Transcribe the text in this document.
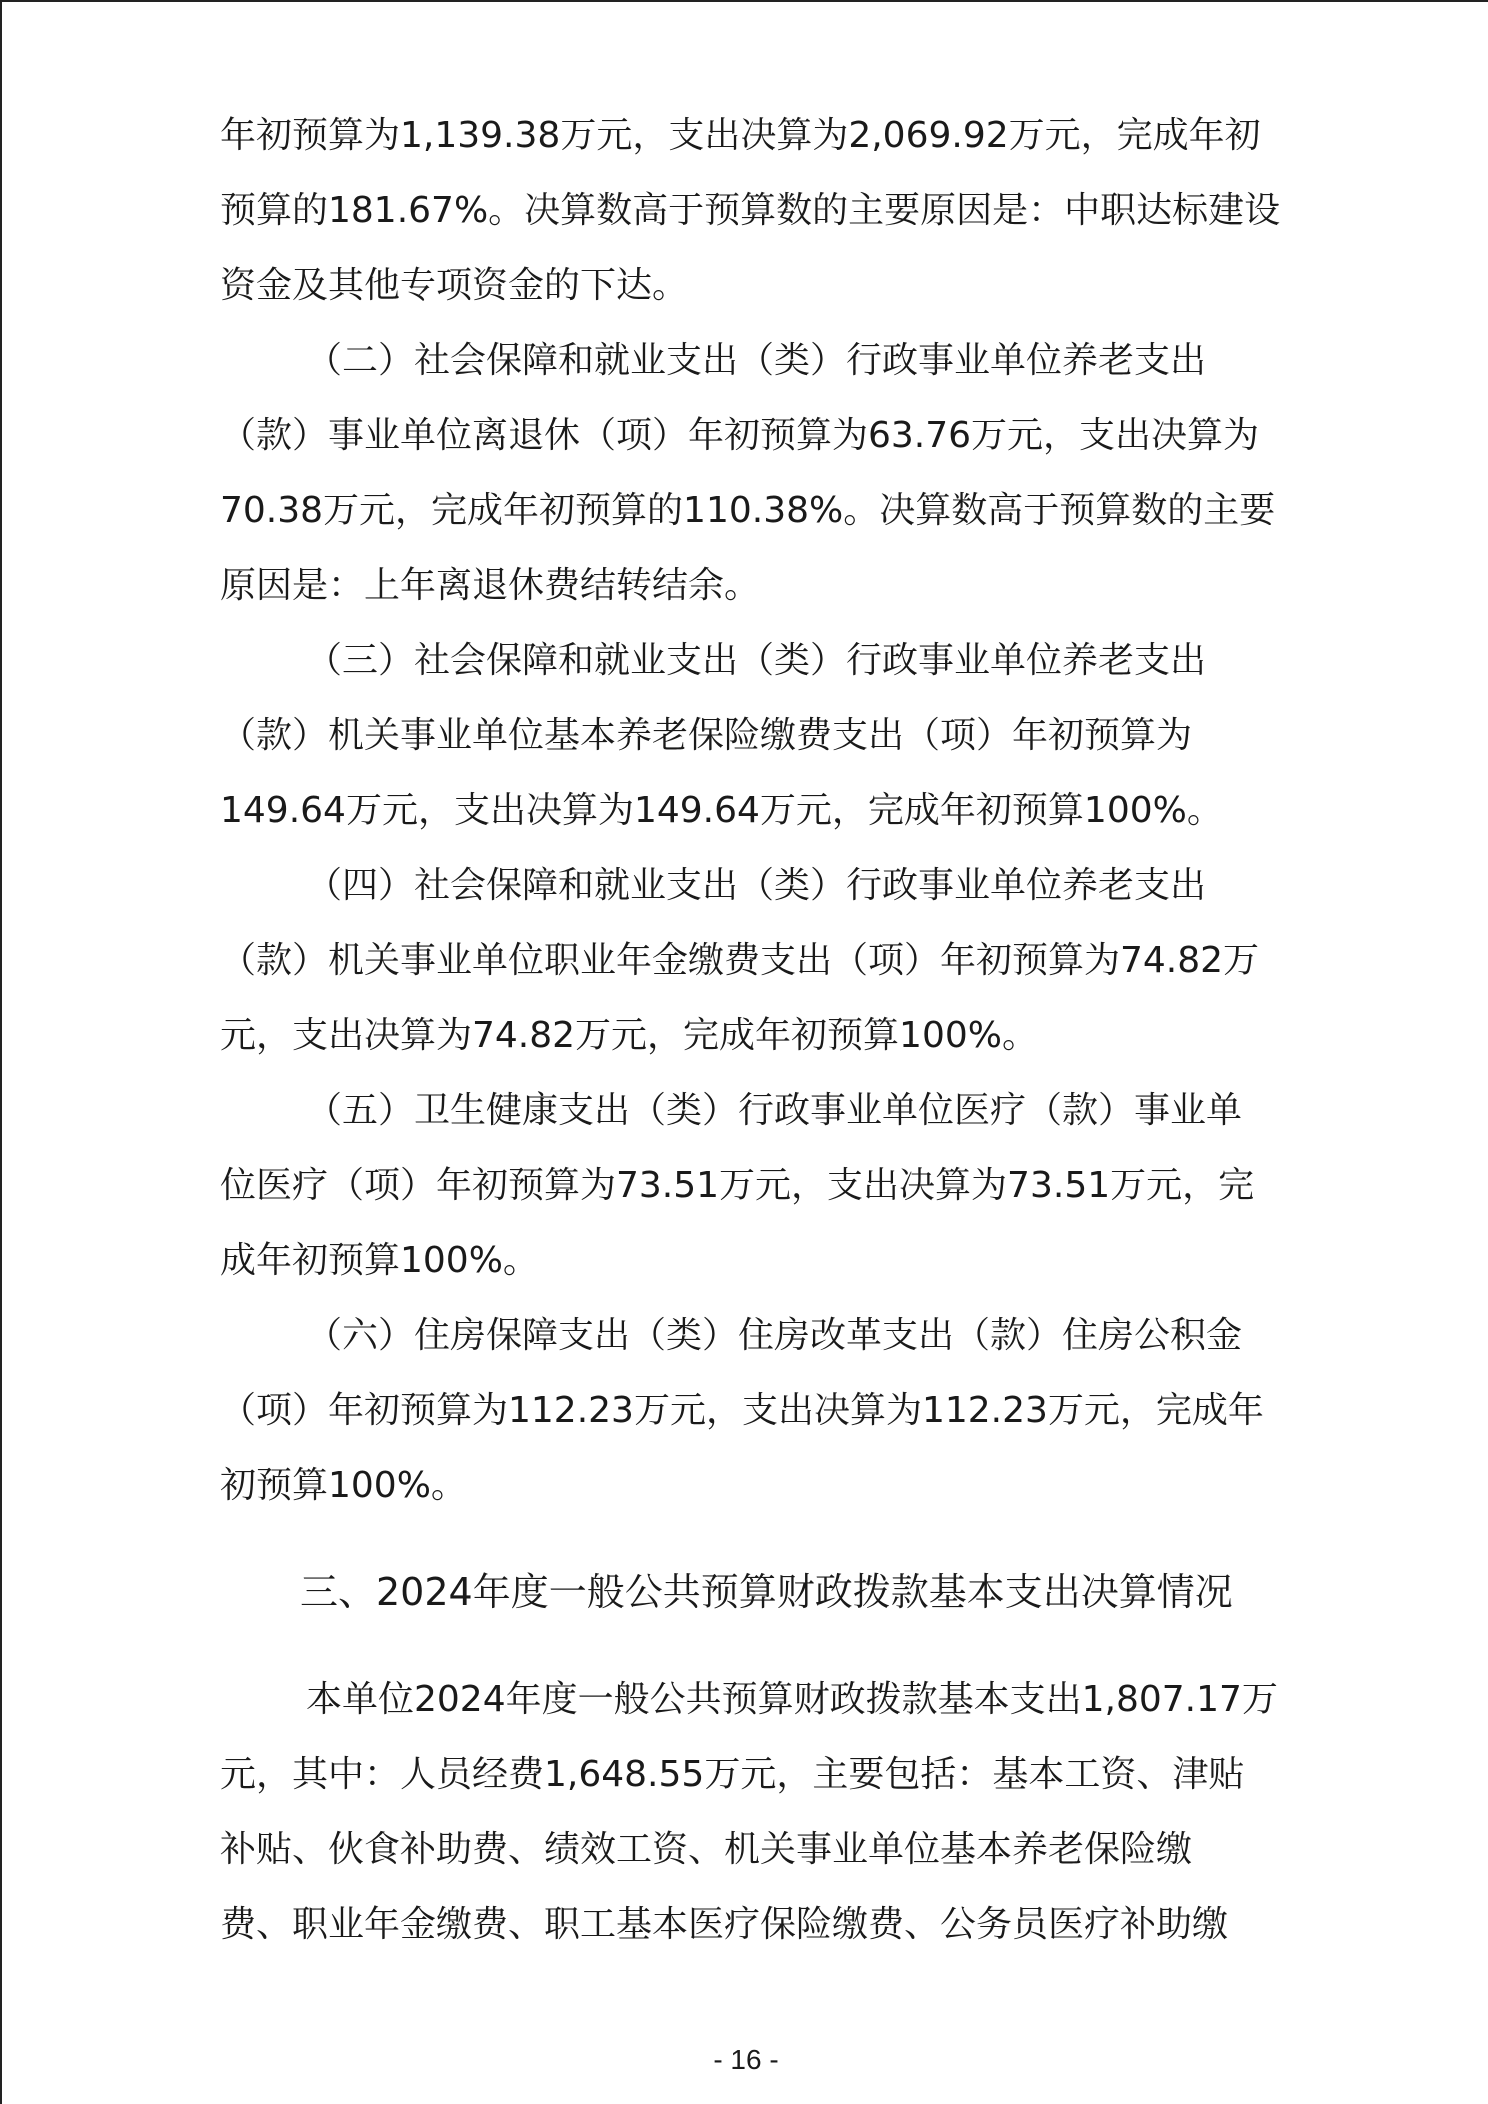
年初预算为1,139.38万元，支出决算为2,069.92万元，完成年初
预算的181.67%。决算数高于预算数的主要原因是：中职达标建设
资金及其他专项资金的下达。
（二）社会保障和就业支出（类）行政事业单位养老支出
（款）事业单位离退休（项）年初预算为63.76万元，支出决算为
70.38万元，完成年初预算的110.38%。决算数高于预算数的主要
原因是：上年离退休费结转结余。
（三）社会保障和就业支出（类）行政事业单位养老支出
（款）机关事业单位基本养老保险缴费支出（项）年初预算为
149.64万元，支出决算为149.64万元，完成年初预算100%。
（四）社会保障和就业支出（类）行政事业单位养老支出
（款）机关事业单位职业年金缴费支出（项）年初预算为74.82万
元，支出决算为74.82万元，完成年初预算100%。
（五）卫生健康支出（类）行政事业单位医疗（款）事业单
位医疗（项）年初预算为73.51万元，支出决算为73.51万元，完
成年初预算100%。
（六）住房保障支出（类）住房改革支出（款）住房公积金
（项）年初预算为112.23万元，支出决算为112.23万元，完成年
初预算100%。
三、2024年度一般公共预算财政拨款基本支出决算情况
本单位2024年度一般公共预算财政拨款基本支出1,807.17万
元，其中：人员经费1,648.55万元，主要包括：基本工资、津贴
补贴、伙食补助费、绩效工资、机关事业单位基本养老保险缴
费、职业年金缴费、职工基本医疗保险缴费、公务员医疗补助缴
- 16 -
